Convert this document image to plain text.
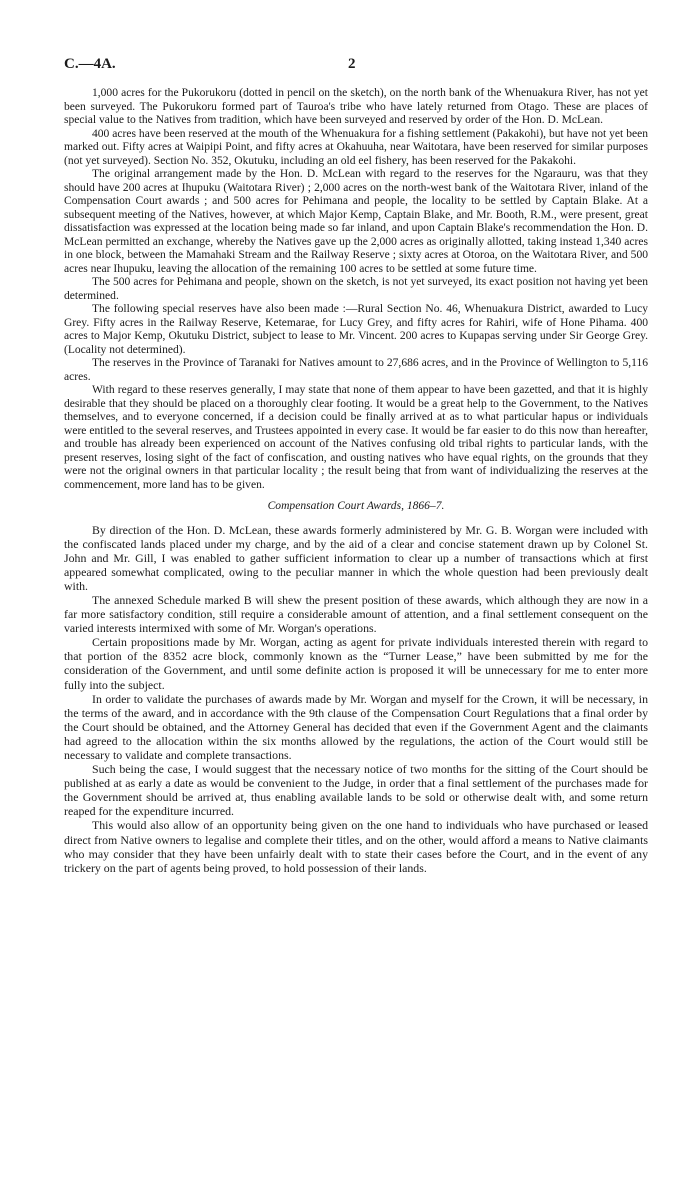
C.—4A.	2

1,000 acres for the Pukorukoru (dotted in pencil on the sketch), on the north bank of the Whenuakura River, has not yet been surveyed. The Pukorukoru formed part of Tauroa's tribe who have lately returned from Otago. These are places of special value to the Natives from tradition, which have been surveyed and reserved by order of the Hon. D. McLean.

400 acres have been reserved at the mouth of the Whenuakura for a fishing settlement (Pakakohi), but have not yet been marked out. Fifty acres at Waipipi Point, and fifty acres at Okahuuha, near Waitotara, have been reserved for similar purposes (not yet surveyed). Section No. 352, Okutuku, including an old eel fishery, has been reserved for the Pakakohi.

The original arrangement made by the Hon. D. McLean with regard to the reserves for the Ngarauru, was that they should have 200 acres at Ihupuku (Waitotara River) ; 2,000 acres on the north-west bank of the Waitotara River, inland of the Compensation Court awards ; and 500 acres for Pehimana and people, the locality to be settled by Captain Blake. At a subsequent meeting of the Natives, however, at which Major Kemp, Captain Blake, and Mr. Booth, R.M., were present, great dissatisfaction was expressed at the location being made so far inland, and upon Captain Blake's recommendation the Hon. D. McLean permitted an exchange, whereby the Natives gave up the 2,000 acres as originally allotted, taking instead 1,340 acres in one block, between the Mamahaki Stream and the Railway Reserve ; sixty acres at Otoroa, on the Waitotara River, and 500 acres near Ihupuku, leaving the allocation of the remaining 100 acres to be settled at some future time.

The 500 acres for Pehimana and people, shown on the sketch, is not yet surveyed, its exact position not having yet been determined.

The following special reserves have also been made :—Rural Section No. 46, Whenuakura District, awarded to Lucy Grey. Fifty acres in the Railway Reserve, Ketemarae, for Lucy Grey, and fifty acres for Rahiri, wife of Hone Pihama. 400 acres to Major Kemp, Okutuku District, subject to lease to Mr. Vincent. 200 acres to Kupapas serving under Sir George Grey. (Locality not determined).

The reserves in the Province of Taranaki for Natives amount to 27,686 acres, and in the Province of Wellington to 5,116 acres.

With regard to these reserves generally, I may state that none of them appear to have been gazetted, and that it is highly desirable that they should be placed on a thoroughly clear footing. It would be a great help to the Government, to the Natives themselves, and to everyone concerned, if a decision could be finally arrived at as to what particular hapus or individuals were entitled to the several reserves, and Trustees appointed in every case. It would be far easier to do this now than hereafter, and trouble has already been experienced on account of the Natives confusing old tribal rights to particular lands, with the present reserves, losing sight of the fact of confiscation, and ousting natives who have equal rights, on the grounds that they were not the original owners in that particular locality ; the result being that from want of individualizing the reserves at the commencement, more land has to be given.

Compensation Court Awards, 1866–7.

By direction of the Hon. D. McLean, these awards formerly administered by Mr. G. B. Worgan were included with the confiscated lands placed under my charge, and by the aid of a clear and concise statement drawn up by Colonel St. John and Mr. Gill, I was enabled to gather sufficient information to clear up a number of transactions which at first appeared somewhat complicated, owing to the peculiar manner in which the whole question had been previously dealt with.

The annexed Schedule marked B will shew the present position of these awards, which although they are now in a far more satisfactory condition, still require a considerable amount of attention, and a final settlement consequent on the varied interests intermixed with some of Mr. Worgan's operations.

Certain propositions made by Mr. Worgan, acting as agent for private individuals interested therein with regard to that portion of the 8352 acre block, commonly known as the “Turner Lease,” have been submitted by me for the consideration of the Government, and until some definite action is proposed it will be unnecessary for me to enter more fully into the subject.

In order to validate the purchases of awards made by Mr. Worgan and myself for the Crown, it will be necessary, in the terms of the award, and in accordance with the 9th clause of the Compensation Court Regulations that a final order by the Court should be obtained, and the Attorney General has decided that even if the Government Agent and the claimants had agreed to the allocation within the six months allowed by the regulations, the action of the Court would still be necessary to validate and complete transactions.

Such being the case, I would suggest that the necessary notice of two months for the sitting of the Court should be published at as early a date as would be convenient to the Judge, in order that a final settlement of the purchases made for the Government should be arrived at, thus enabling available lands to be sold or otherwise dealt with, and some return reaped for the expenditure incurred.

This would also allow of an opportunity being given on the one hand to individuals who have purchased or leased direct from Native owners to legalise and complete their titles, and on the other, would afford a means to Native claimants who may consider that they have been unfairly dealt with to state their cases before the Court, and in the event of any trickery on the part of agents being proved, to hold possession of their lands.
